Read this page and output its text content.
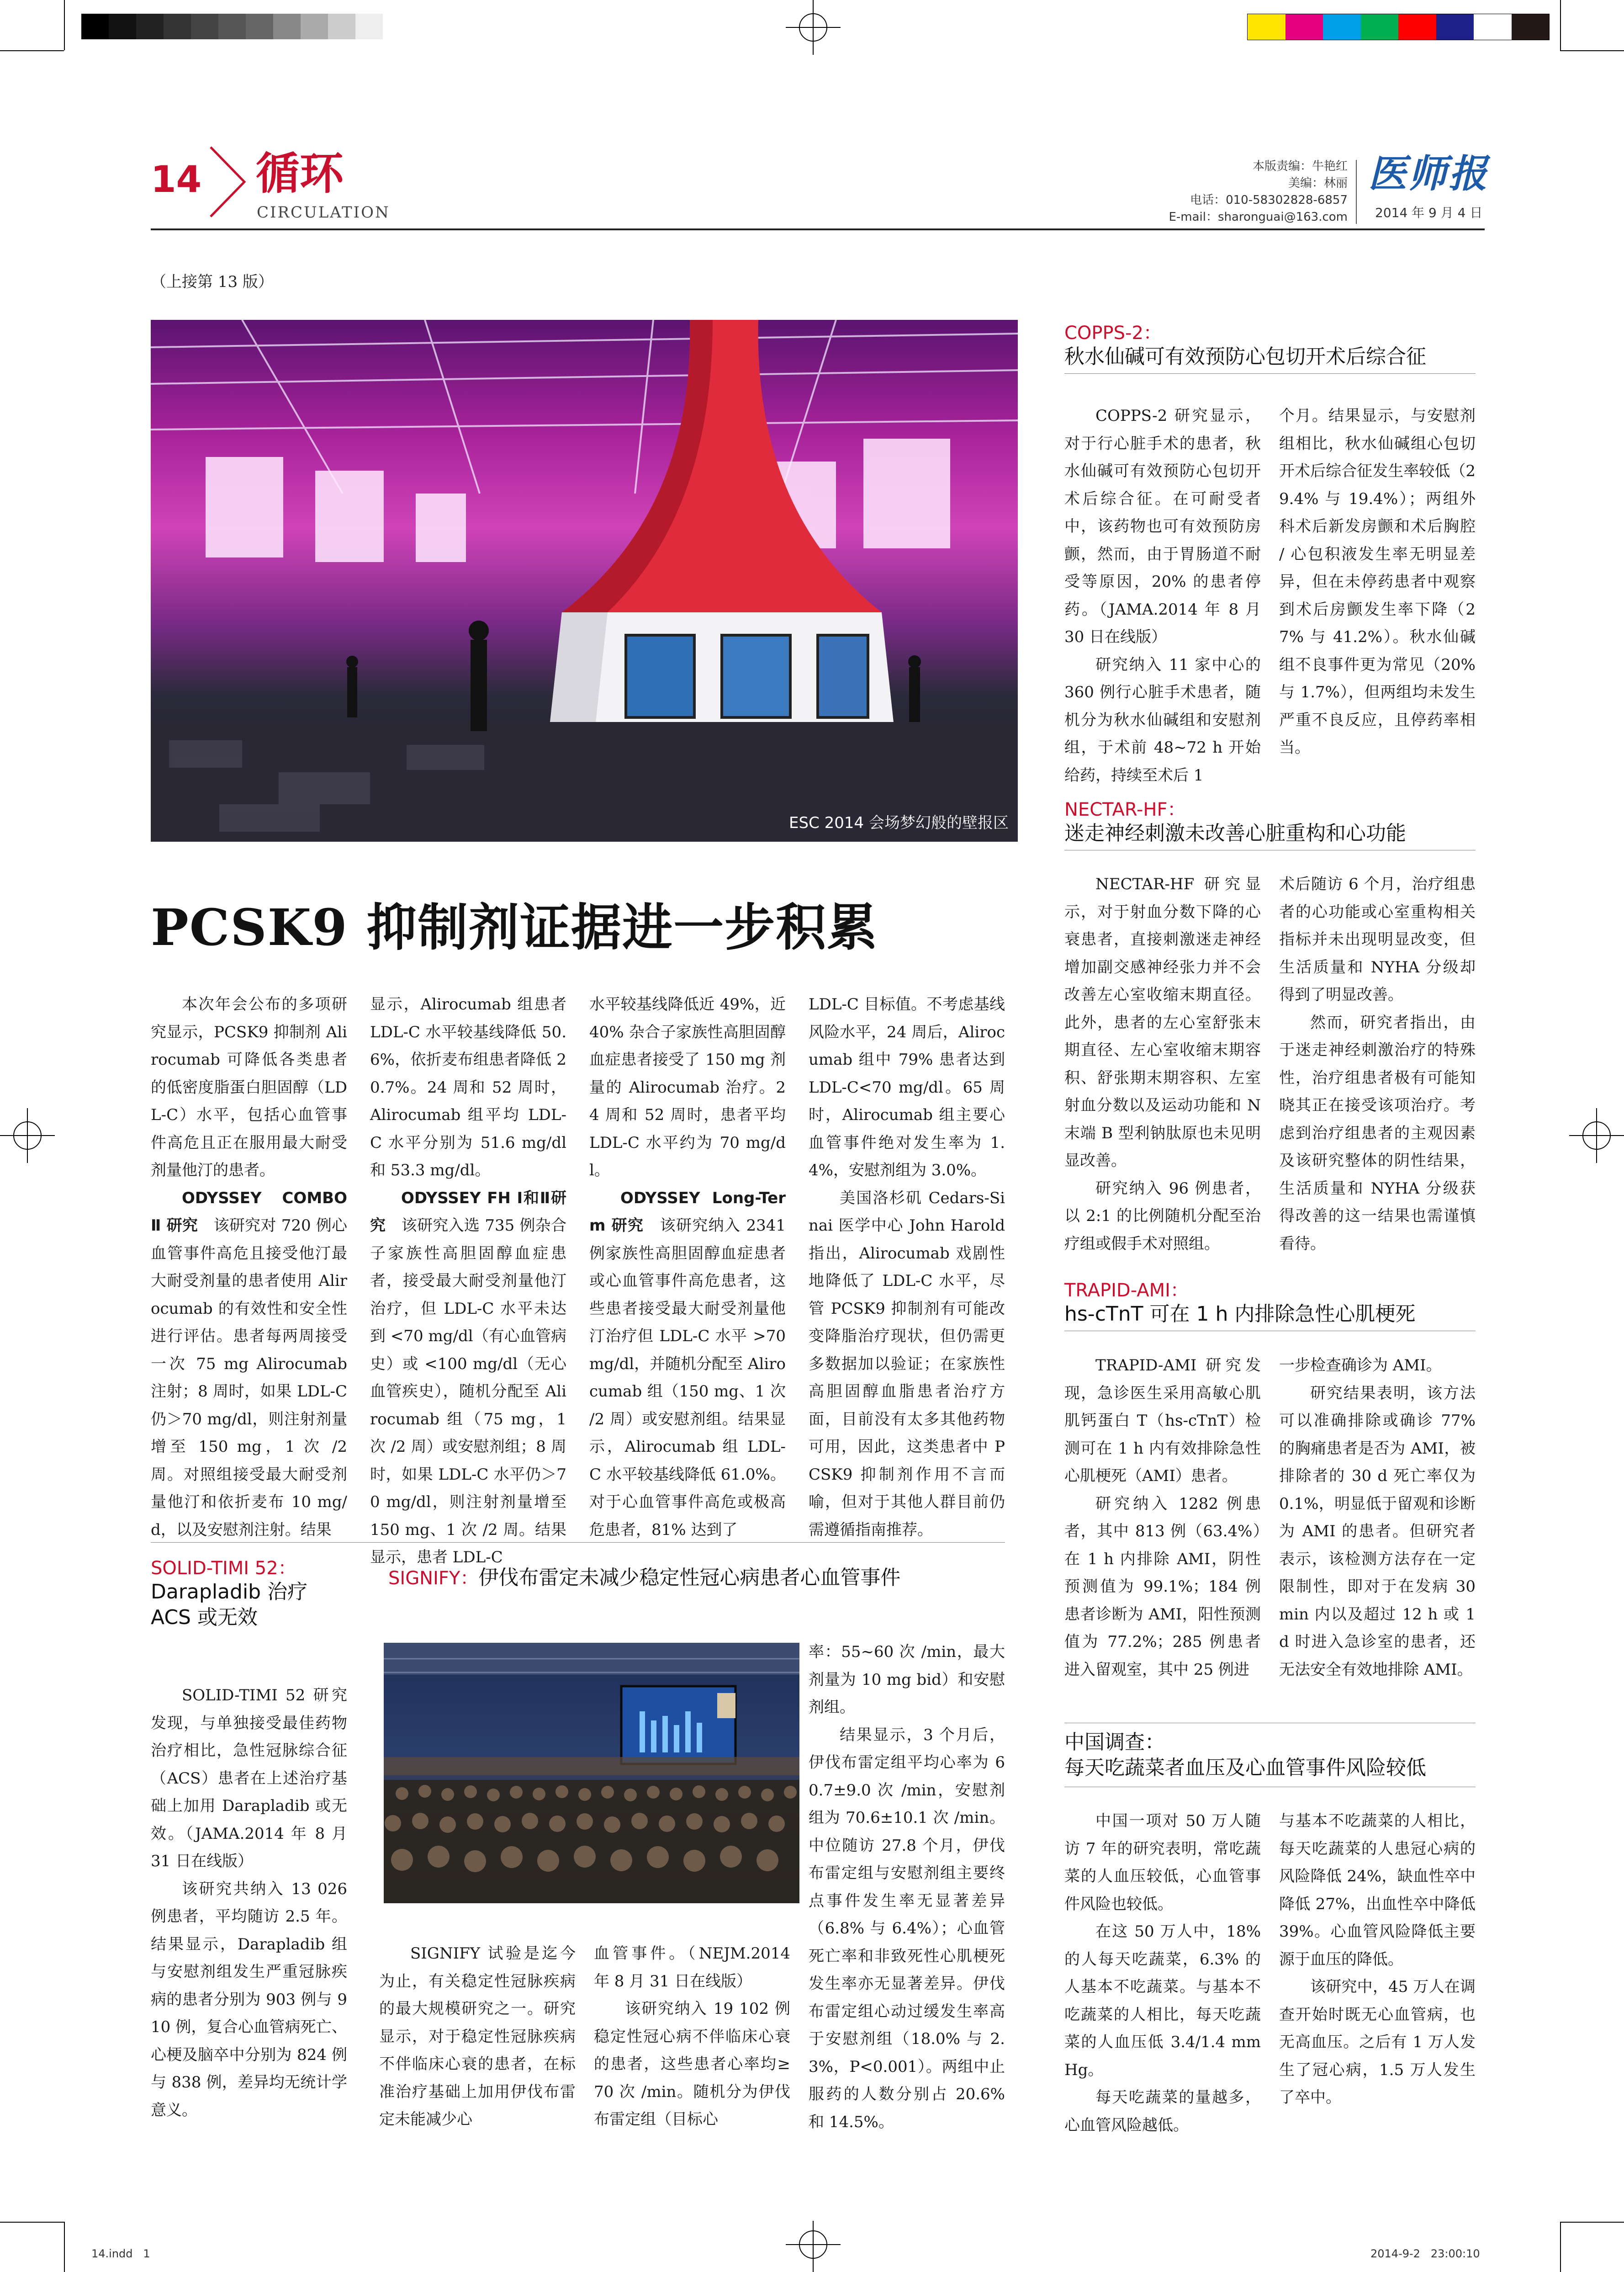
14 循环
CIRCULATION
本版责编：牛艳红
美编：林丽
电话：010-58302828-6857
E-mail：sharonguai@163.com
医师报
2014 年 9 月 4 日
（上接第 13 版）
ESC 2014 会场梦幻般的壁报区
PCSK9 抑制剂证据进一步积累

本次年会公布的多项研究显示，PCSK9 抑制剂 Alirocumab 可降低各类患者的低密度脂蛋白胆固醇（LDL-C）水平，包括心血管事件高危且正在服用最大耐受剂量他汀的患者。

ODYSSEY COMBO Ⅱ 研究　该研究对 720 例心血管事件高危且接受他汀最大耐受剂量的患者使用 Alirocumab 的有效性和安全性进行评估。患者每两周接受一次 75 mg Alirocumab 注射；8 周时，如果 LDL-C 仍＞70 mg/dl，则注射剂量增至 150 mg，1 次 /2 周。对照组接受最大耐受剂量他汀和依折麦布 10 mg/d，以及安慰剂注射。结果

显示，Alirocumab 组患者 LDL-C 水平较基线降低 50.6%，依折麦布组患者降低 20.7%。24 周和 52 周时，Alirocumab 组平均 LDL-C 水平分别为 51.6 mg/dl 和 53.3 mg/dl。

ODYSSEY FH Ⅰ和Ⅱ研究　该研究入选 735 例杂合子家族性高胆固醇血症患者，接受最大耐受剂量他汀治疗，但 LDL-C 水平未达到 <70 mg/dl（有心血管病史）或 <100 mg/dl（无心血管疾史），随机分配至 Alirocumab 组（75 mg，1 次 /2 周）或安慰剂组；8 周时，如果 LDL-C 水平仍＞70 mg/dl，则注射剂量增至 150 mg、1 次 /2 周。结果显示，患者 LDL-C

水平较基线降低近 49%，近 40% 杂合子家族性高胆固醇血症患者接受了 150 mg 剂量的 Alirocumab 治疗。24 周和 52 周时，患者平均 LDL-C 水平约为 70 mg/dl。

ODYSSEY Long-Term 研究　该研究纳入 2341 例家族性高胆固醇血症患者或心血管事件高危患者，这些患者接受最大耐受剂量他汀治疗但 LDL-C 水平 >70 mg/dl，并随机分配至 Alirocumab 组（150 mg、1 次 /2 周）或安慰剂组。结果显示，Alirocumab 组 LDL-C 水平较基线降低 61.0%。对于心血管事件高危或极高危患者，81% 达到了

LDL-C 目标值。不考虑基线风险水平，24 周后，Alirocumab 组中 79% 患者达到 LDL-C<70 mg/dl。65 周时，Alirocumab 组主要心血管事件绝对发生率为 1.4%，安慰剂组为 3.0%。

美国洛杉矶 Cedars-Sinai 医学中心 John Harold 指出，Alirocumab 戏剧性地降低了 LDL-C 水平，尽管 PCSK9 抑制剂有可能改变降脂治疗现状，但仍需更多数据加以验证；在家族性高胆固醇血脂患者治疗方面，目前没有太多其他药物可用，因此，这类患者中 PCSK9 抑制剂作用不言而喻，但对于其他人群目前仍需遵循指南推荐。

COPPS-2：
秋水仙碱可有效预防心包切开术后综合征

COPPS-2 研究显示，对于行心脏手术的患者，秋水仙碱可有效预防心包切开术后综合征。在可耐受者中，该药物也可有效预防房颤，然而，由于胃肠道不耐受等原因，20% 的患者停药。（JAMA.2014 年 8 月 30 日在线版）

研究纳入 11 家中心的 360 例行心脏手术患者，随机分为秋水仙碱组和安慰剂组，于术前 48~72 h 开始给药，持续至术后 1

个月。结果显示，与安慰剂组相比，秋水仙碱组心包切开术后综合征发生率较低（29.4% 与 19.4%）；两组外科术后新发房颤和术后胸腔 / 心包积液发生率无明显差异，但在未停药患者中观察到术后房颤发生率下降（27% 与 41.2%）。秋水仙碱组不良事件更为常见（20% 与 1.7%），但两组均未发生严重不良反应，且停药率相当。

NECTAR-HF：
迷走神经刺激未改善心脏重构和心功能

NECTAR-HF 研究显示，对于射血分数下降的心衰患者，直接刺激迷走神经增加副交感神经张力并不会改善左心室收缩末期直径。此外，患者的左心室舒张末期直径、左心室收缩末期容积、舒张期末期容积、左室射血分数以及运动功能和 N 末端 B 型利钠肽原也未见明显改善。

研究纳入 96 例患者，以 2:1 的比例随机分配至治疗组或假手术对照组。

术后随访 6 个月，治疗组患者的心功能或心室重构相关指标并未出现明显改变，但生活质量和 NYHA 分级却得到了明显改善。

然而，研究者指出，由于迷走神经刺激治疗的特殊性，治疗组患者极有可能知晓其正在接受该项治疗。考虑到治疗组患者的主观因素及该研究整体的阴性结果，生活质量和 NYHA 分级获得改善的这一结果也需谨慎看待。

TRAPID-AMI：
hs-cTnT 可在 1 h 内排除急性心肌梗死

TRAPID-AMI 研究发现，急诊医生采用高敏心肌肌钙蛋白 T（hs-cTnT）检测可在 1 h 内有效排除急性心肌梗死（AMI）患者。

研究纳入 1282 例患者，其中 813 例（63.4%）在 1 h 内排除 AMI，阴性预测值为 99.1%；184 例患者诊断为 AMI，阳性预测值为 77.2%；285 例患者进入留观室，其中 25 例进

一步检查确诊为 AMI。

研究结果表明，该方法可以准确排除或确诊 77% 的胸痛患者是否为 AMI，被排除者的 30 d 死亡率仅为 0.1%，明显低于留观和诊断为 AMI 的患者。但研究者表示，该检测方法存在一定限制性，即对于在发病 30 min 内以及超过 12 h 或 1 d 时进入急诊室的患者，还无法安全有效地排除 AMI。

中国调查：
每天吃蔬菜者血压及心血管事件风险较低

中国一项对 50 万人随访 7 年的研究表明，常吃蔬菜的人血压较低，心血管事件风险也较低。

在这 50 万人中，18% 的人每天吃蔬菜，6.3% 的人基本不吃蔬菜。与基本不吃蔬菜的人相比，每天吃蔬菜的人血压低 3.4/1.4 mmHg。

每天吃蔬菜的量越多，心血管风险越低。

与基本不吃蔬菜的人相比，每天吃蔬菜的人患冠心病的风险降低 24%，缺血性卒中降低 27%，出血性卒中降低 39%。心血管风险降低主要源于血压的降低。

该研究中，45 万人在调查开始时既无心血管病，也无高血压。之后有 1 万人发生了冠心病，1.5 万人发生了卒中。

SOLID-TIMI 52：
Darapladib 治疗
ACS 或无效

SOLID-TIMI 52 研究发现，与单独接受最佳药物治疗相比，急性冠脉综合征（ACS）患者在上述治疗基础上加用 Darapladib 或无效。（JAMA.2014 年 8 月 31 日在线版）

该研究共纳入 13 026 例患者，平均随访 2.5 年。结果显示，Darapladib 组与安慰剂组发生严重冠脉疾病的患者分别为 903 例与 910 例，复合心血管病死亡、心梗及脑卒中分别为 824 例与 838 例，差异均无统计学意义。

SIGNIFY：伊伐布雷定未减少稳定性冠心病患者心血管事件

SIGNIFY 试验是迄今为止，有关稳定性冠脉疾病的最大规模研究之一。研究显示，对于稳定性冠脉疾病不伴临床心衰的患者，在标准治疗基础上加用伊伐布雷定未能减少心

血管事件。（NEJM.2014 年 8 月 31 日在线版）

该研究纳入 19 102 例稳定性冠心病不伴临床心衰的患者，这些患者心率均≥ 70 次 /min。随机分为伊伐布雷定组（目标心

率：55~60 次 /min，最大剂量为 10 mg bid）和安慰剂组。

结果显示，3 个月后，伊伐布雷定组平均心率为 60.7±9.0 次 /min，安慰剂组为 70.6±10.1 次 /min。中位随访 27.8 个月，伊伐布雷定组与安慰剂组主要终点事件发生率无显著差异（6.8% 与 6.4%）；心血管死亡率和非致死性心肌梗死发生率亦无显著差异。伊伐布雷定组心动过缓发生率高于安慰剂组（18.0% 与 2.3%，P<0.001）。两组中止服药的人数分别占 20.6% 和 14.5%。

14.indd   1	2014-9-2   23:00:10
